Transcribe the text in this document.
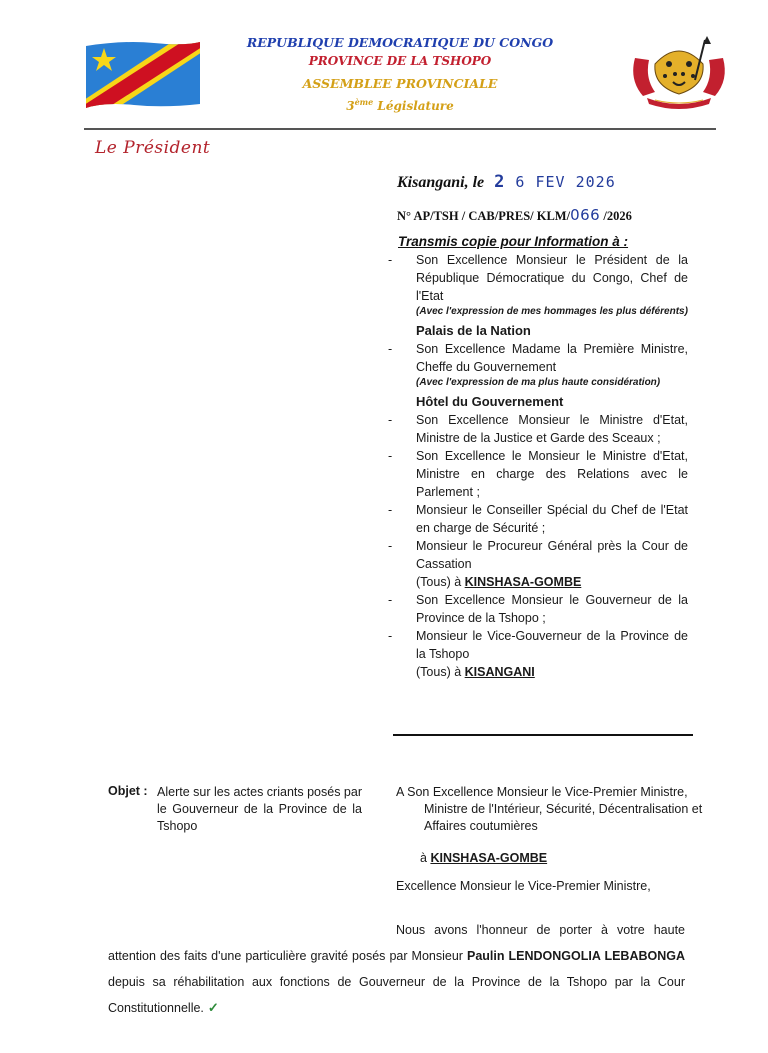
REPUBLIQUE DEMOCRATIQUE DU CONGO
PROVINCE DE LA TSHOPO
ASSEMBLEE PROVINCIALE
3ème Législature
Le Président
Kisangani, le 2 6 FEV 2026
N° AP/TSH / CAB/PRES/ KLM/066 /2026
Transmis copie pour Information à :
-	Son Excellence Monsieur le Président de la République Démocratique du Congo, Chef de l'Etat
(Avec l'expression de mes hommages les plus déférents)
Palais de la Nation
-	Son Excellence Madame la Première Ministre, Cheffe du Gouvernement
(Avec l'expression de ma plus haute considération)
Hôtel du Gouvernement
-	Son Excellence Monsieur le Ministre d'Etat, Ministre de la Justice et Garde des Sceaux ;
-	Son Excellence le Monsieur le Ministre d'Etat, Ministre en charge des Relations avec le Parlement ;
-	Monsieur le Conseiller Spécial du Chef de l'Etat en charge de Sécurité ;
-	Monsieur le Procureur Général près la Cour de Cassation
(Tous) à KINSHASA-GOMBE
-	Son Excellence Monsieur le Gouverneur de la Province de la Tshopo ;
-	Monsieur le Vice-Gouverneur de la Province de la Tshopo
(Tous) à KISANGANI
Objet : Alerte sur les actes criants posés par le Gouverneur de la Province de la Tshopo
A Son Excellence Monsieur le Vice-Premier Ministre,
Ministre de l'Intérieur, Sécurité, Décentralisation et Affaires coutumières
à KINSHASA-GOMBE
Excellence Monsieur le Vice-Premier Ministre,
Nous avons l'honneur de porter à votre haute attention des faits d'une particulière gravité posés par Monsieur Paulin LENDONGOLIA LEBABONGA depuis sa réhabilitation aux fonctions de Gouverneur de la Province de la Tshopo par la Cour Constitutionnelle. ✓
